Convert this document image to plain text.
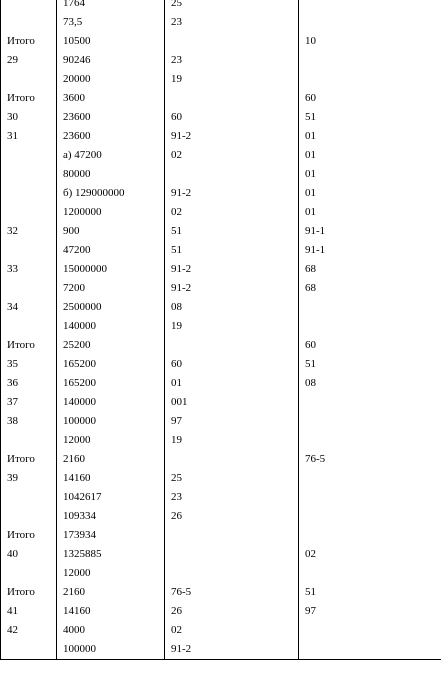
	1764	25	
	73,5	23	
Итого	10500		10
29	90246	23	
	20000	19	
Итого	3600		60
30	23600	60	51
31	23600	91-2	01
	а) 47200	02	01
	80000		01
	б) 129000000	91-2	01
	1200000	02	01
32	900	51	91-1
	47200	51	91-1
33	15000000	91-2	68
	7200	91-2	68
34	2500000	08	
	140000	19	
Итого	25200		60
35	165200	60	51
36	165200	01	08
37	140000	001	
38	100000	97	
	12000	19	
Итого	2160		76-5
39	14160	25	
	1042617	23	
	109334	26	
Итого	173934		
40	1325885		02
	12000		
Итого	2160	76-5	51
41	14160	26	97
42	4000	02	
	100000	91-2	
